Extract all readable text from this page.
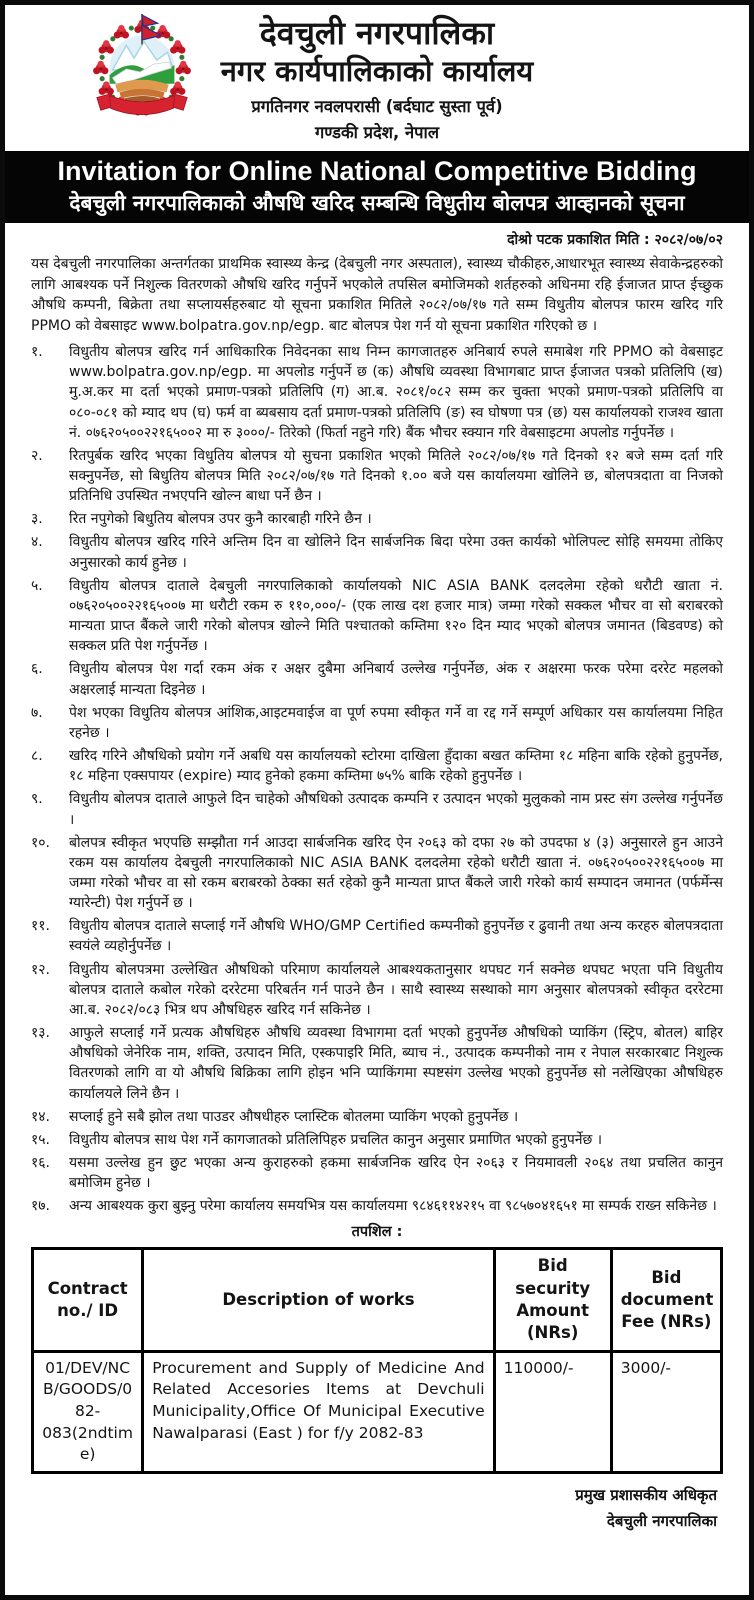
देवचुली नगरपालिका
नगर कार्यपालिकाको कार्यालय
प्रगतिनगर नवलपरासी (बर्दघाट सुस्ता पूर्व)
गण्डकी प्रदेश, नेपाल
Invitation for Online National Competitive Bidding
देबचुली नगरपालिकाको औषधि खरिद सम्बन्धि विधुतीय बोलपत्र आव्हानको सूचना
दोश्रो पटक प्रकाशित मिति : २०८२/०७/०२

यस देबचुली नगरपालिका अन्तर्गतका प्राथमिक स्वास्थ्य केन्द्र (देबचुली नगर अस्पताल), स्वास्थ्य चौकीहरु,आधारभूत स्वास्थ्य सेवाकेन्द्रहरुको लागि आबश्यक पर्ने निशुल्क वितरणको औषधि खरिद गर्नुपर्ने भएकोले तपसिल बमोजिमको शर्तहरुको अधिनमा रहि ईजाजत प्राप्त ईच्छुक औषधि कम्पनी, बिक्रेता तथा सप्लायर्सहरुबाट यो सूचना प्रकाशित मितिले २०८२/०७/१७ गते सम्म विधुतीय बोलपत्र फारम खरिद गरि PPMO को वेबसाइट www.bolpatra.gov.np/egp. बाट बोलपत्र पेश गर्न यो सूचना प्रकाशित गरिएको छ ।

१.	विधुतीय बोलपत्र खरिद गर्न आधिकारिक निवेदनका साथ निम्न कागजातहरु अनिबार्य रुपले समाबेश गरि PPMO को वेबसाइट www.bolpatra.gov.np/egp. मा अपलोड गर्नुपर्ने छ (क) औषधि व्यवस्था विभागबाट प्राप्त ईजाजत पत्रको प्रतिलिपि (ख) मु.अ.कर मा दर्ता भएको प्रमाण-पत्रको प्रतिलिपि (ग) आ.ब. २०८१/०८२ सम्म कर चुक्ता भएको प्रमाण-पत्रको प्रतिलिपि वा ०८०-०८१ को म्याद थप (घ) फर्म वा ब्यबसाय दर्ता प्रमाण-पत्रको प्रतिलिपि (ङ) स्व घोषणा पत्र (छ) यस कार्यालयको राजश्व खाता नं. ०७६२०५००२२१६५००२ मा रु ३०००/- तिरेको (फिर्ता नहुने गरि) बैंक भौचर स्क्यान गरि वेबसाइटमा अपलोड गर्नुपर्नेछ ।
२.	रितपुर्बक खरिद भएका विधुतिय बोलपत्र यो सुचना प्रकाशित भएको मितिले २०८२/०७/१७ गते दिनको १२ बजे सम्म दर्ता गरि सक्नुपर्नेछ, सो बिधुतिय बोलपत्र मिति २०८२/०७/१७ गते दिनको १.०० बजे यस कार्यालयमा खोलिने छ, बोलपत्रदाता वा निजको प्रतिनिधि उपस्थित नभएपनि खोल्न बाधा पर्ने छैन ।
३.	रित नपुगेको बिधुतिय बोलपत्र उपर कुनै कारबाही गरिने छैन ।
४.	विधुतीय बोलपत्र खरिद गरिने अन्तिम दिन वा खोलिने दिन सार्बजनिक बिदा परेमा उक्त कार्यको भोलिपल्ट सोहि समयमा तोकिए अनुसारको कार्य हुनेछ ।
५.	विधुतीय बोलपत्र दाताले देबचुली नगरपालिकाको कार्यालयको NIC ASIA BANK दलदलेमा रहेको धरौटी खाता नं. ०७६२०५००२२१६५००७ मा धरौटी रकम रु ११०,०००/- (एक लाख दश हजार मात्र) जम्मा गरेको सक्कल भौचर वा सो बराबरको मान्यता प्राप्त बैंकले जारी गरेको बोलपत्र खोल्ने मिति पश्चातको कम्तिमा १२० दिन म्याद भएको बोलपत्र जमानत (बिडवण्ड) को सक्कल प्रति पेश गर्नुपर्नेछ ।
६.	विधुतीय बोलपत्र पेश गर्दा रकम अंक र अक्षर दुबैमा अनिबार्य उल्लेख गर्नुपर्नेछ, अंक र अक्षरमा फरक परेमा दररेट महलको अक्षरलाई मान्यता दिइनेछ ।
७.	पेश भएका विधुतिय बोलपत्र आंशिक,आइटमवाईज वा पूर्ण रुपमा स्वीकृत गर्ने वा रद्द गर्ने सम्पूर्ण अधिकार यस कार्यालयमा निहित रहनेछ ।
८.	खरिद गरिने औषधिको प्रयोग गर्ने अबधि यस कार्यालयको स्टोरमा दाखिला हुँदाका बखत कम्तिमा १८ महिना बाकि रहेको हुनुपर्नेछ, १८ महिना एक्सपायर (expire) म्याद हुनेको हकमा कम्तिमा ७५% बाकि रहेको हुनुपर्नेछ ।
९.	विधुतीय बोलपत्र दाताले आफुले दिन चाहेको औषधिको उत्पादक कम्पनि र उत्पादन भएको मुलुकको नाम प्रस्ट संग उल्लेख गर्नुपर्नेछ ।
१०.	बोलपत्र स्वीकृत भएपछि सम्झौता गर्न आउदा सार्बजनिक खरिद ऐन २०६३ को दफा २७ को उपदफा ४ (३) अनुसारले हुन आउने रकम यस कार्यालय देबचुली नगरपालिकाको NIC ASIA BANK दलदलेमा रहेको धरौटी खाता नं. ०७६२०५००२२१६५००७ मा जम्मा गरेको भौचर वा सो रकम बराबरको ठेक्का सर्त रहेको कुनै मान्यता प्राप्त बैंकले जारी गरेको कार्य सम्पादन जमानत (पर्फर्मेन्स ग्यारेन्टी) पेश गर्नुपर्ने छ ।
११.	विधुतीय बोलपत्र दाताले सप्लाई गर्ने औषधि WHO/GMP Certified कम्पनीको हुनुपर्नेछ र ढुवानी तथा अन्य करहरु बोलपत्रदाता स्वयंले व्यहोर्नुपर्नेछ ।
१२.	विधुतीय बोलपत्रमा उल्लेखित औषधिको परिमाण कार्यालयले आबश्यकतानुसार थपघट गर्न सक्नेछ थपघट भएता पनि विधुतीय बोलपत्र दाताले कबोल गरेको दररेटमा परिबर्तन गर्न पाउने छैन । साथै स्वास्थ्य सस्थाको माग अनुसार बोलपत्रको स्वीकृत दररेटमा आ.ब. २०८२/०८३ भित्र थप औषधिहरु खरिद गर्न सकिनेछ ।
१३.	आफुले सप्लाई गर्ने प्रत्यक औषधिहरु औषधि व्यवस्था विभागमा दर्ता भएको हुनुपर्नेछ औषधिको प्याकिंग (स्ट्रिप, बोतल) बाहिर औषधिको जेनेरिक नाम, शक्ति, उत्पादन मिति, एस्कपाइरि मिति, ब्याच नं., उत्पादक कम्पनीको नाम र नेपाल सरकारबाट निशुल्क वितरणको लागि वा यो औषधि बिक्रिका लागि होइन भनि प्याकिंगमा स्पष्टसंग उल्लेख भएको हुनुपर्नेछ सो नलेखिएका औषधिहरु कार्यालयले लिने छैन ।
१४.	सप्लाई हुने सबै झोल तथा पाउडर औषधीहरु प्लास्टिक बोतलमा प्याकिंग भएको हुनुपर्नेछ ।
१५.	विधुतीय बोलपत्र साथ पेश गर्ने कागजातको प्रतिलिपिहरु प्रचलित कानुन अनुसार प्रमाणित भएको हुनुपर्नेछ ।
१६.	यसमा उल्लेख हुन छुट भएका अन्य कुराहरुको हकमा सार्बजनिक खरिद ऐन २०६३ र नियमावली २०६४ तथा प्रचलित कानुन बमोजिम हुनेछ ।
१७.	अन्य आबश्यक कुरा बुझ्नु परेमा कार्यालय समयभित्र यस कार्यालयमा ९८४६११४२१५ वा ९८५७०४१६५१ मा सम्पर्क राख्न सकिनेछ ।
तपशिल :
Contract no./ ID	Description of works	Bid security Amount (NRs)	Bid document Fee (NRs)
01/DEV/NCB/GOODS/082-083(2ndtime)	Procurement and Supply of Medicine And Related Accesories Items at Devchuli Municipality,Office Of Municipal Executive Nawalparasi (East ) for f/y 2082-83	110000/-	3000/-
प्रमुख प्रशासकीय अधिकृत
देबचुली नगरपालिका
